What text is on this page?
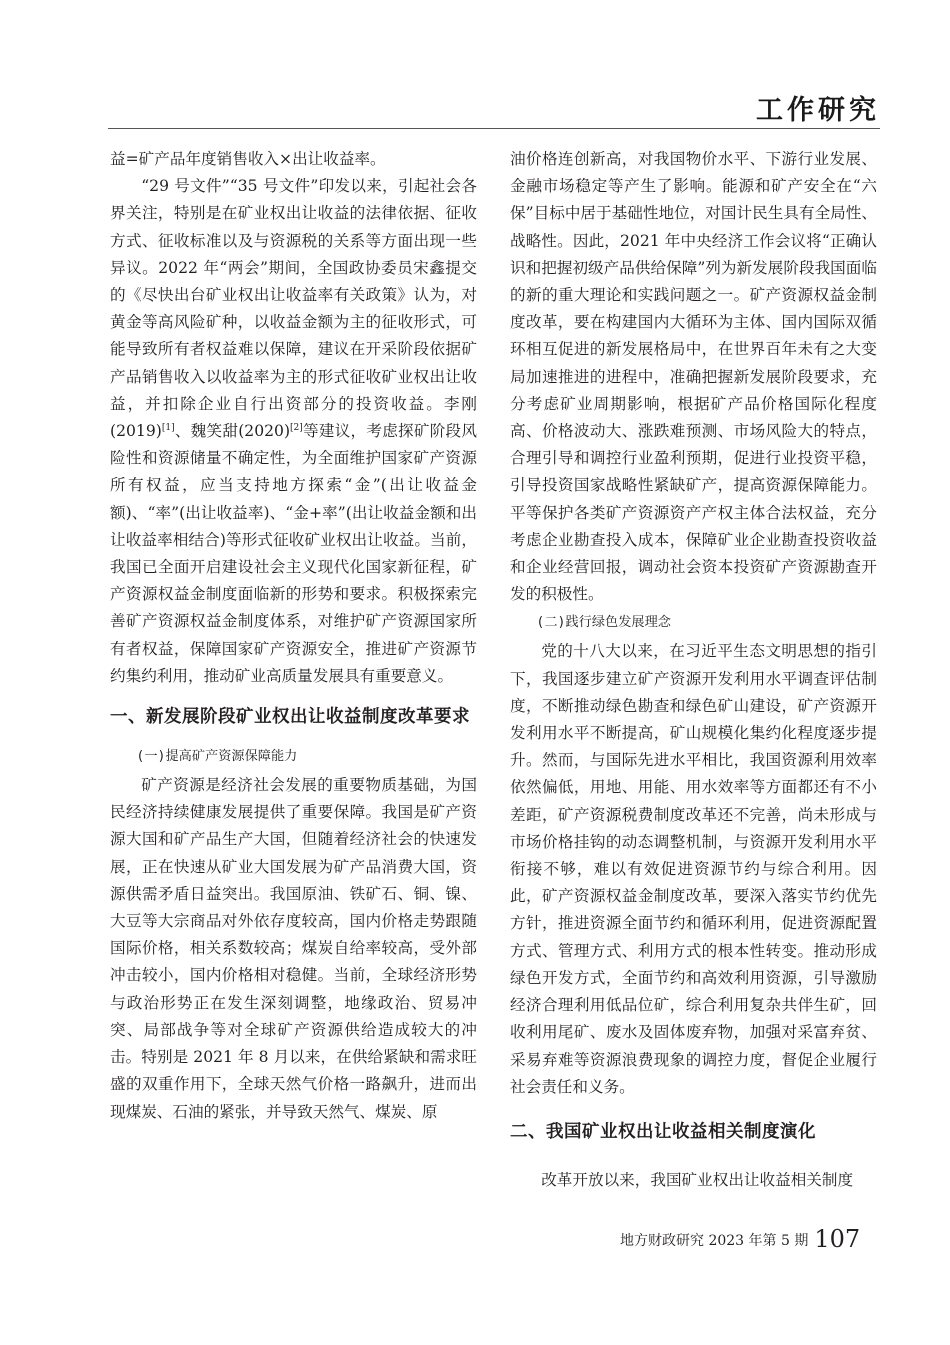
工作研究

益=矿产品年度销售收入×出让收益率。

“29 号文件”“35 号文件”印发以来，引起社会各界关注，特别是在矿业权出让收益的法律依据、征收方式、征收标准以及与资源税的关系等方面出现一些异议。2022 年“两会”期间，全国政协委员宋鑫提交的《尽快出台矿业权出让收益率有关政策》认为，对黄金等高风险矿种，以收益金额为主的征收形式，可能导致所有者权益难以保障，建议在开采阶段依据矿产品销售收入以收益率为主的形式征收矿业权出让收益，并扣除企业自行出资部分的投资收益。李刚(2019)[1]、魏笑甜(2020)[2]等建议，考虑探矿阶段风险性和资源储量不确定性，为全面维护国家矿产资源所有权益，应当支持地方探索“金”(出让收益金额)、“率”(出让收益率)、“金+率”(出让收益金额和出让收益率相结合)等形式征收矿业权出让收益。当前，我国已全面开启建设社会主义现代化国家新征程，矿产资源权益金制度面临新的形势和要求。积极探索完善矿产资源权益金制度体系，对维护矿产资源国家所有者权益，保障国家矿产资源安全，推进矿产资源节约集约利用，推动矿业高质量发展具有重要意义。

一、新发展阶段矿业权出让收益制度改革要求
(一)提高矿产资源保障能力

矿产资源是经济社会发展的重要物质基础，为国民经济持续健康发展提供了重要保障。我国是矿产资源大国和矿产品生产大国，但随着经济社会的快速发展，正在快速从矿业大国发展为矿产品消费大国，资源供需矛盾日益突出。我国原油、铁矿石、铜、镍、大豆等大宗商品对外依存度较高，国内价格走势跟随国际价格，相关系数较高；煤炭自给率较高，受外部冲击较小，国内价格相对稳健。当前，全球经济形势与政治形势正在发生深刻调整，地缘政治、贸易冲突、局部战争等对全球矿产资源供给造成较大的冲击。特别是 2021 年 8 月以来，在供给紧缺和需求旺盛的双重作用下，全球天然气价格一路飙升，进而出现煤炭、石油的紧张，并导致天然气、煤炭、原

油价格连创新高，对我国物价水平、下游行业发展、金融市场稳定等产生了影响。能源和矿产安全在“六保”目标中居于基础性地位，对国计民生具有全局性、战略性。因此，2021 年中央经济工作会议将“正确认识和把握初级产品供给保障”列为新发展阶段我国面临的新的重大理论和实践问题之一。矿产资源权益金制度改革，要在构建国内大循环为主体、国内国际双循环相互促进的新发展格局中，在世界百年未有之大变局加速推进的进程中，准确把握新发展阶段要求，充分考虑矿业周期影响，根据矿产品价格国际化程度高、价格波动大、涨跌难预测、市场风险大的特点，合理引导和调控行业盈利预期，促进行业投资平稳，引导投资国家战略性紧缺矿产，提高资源保障能力。平等保护各类矿产资源资产产权主体合法权益，充分考虑企业勘查投入成本，保障矿业企业勘查投资收益和企业经营回报，调动社会资本投资矿产资源勘查开发的积极性。

(二)践行绿色发展理念

党的十八大以来，在习近平生态文明思想的指引下，我国逐步建立矿产资源开发利用水平调查评估制度，不断推动绿色勘查和绿色矿山建设，矿产资源开发利用水平不断提高，矿山规模化集约化程度逐步提升。然而，与国际先进水平相比，我国资源利用效率依然偏低，用地、用能、用水效率等方面都还有不小差距，矿产资源税费制度改革还不完善，尚未形成与市场价格挂钩的动态调整机制，与资源开发利用水平衔接不够，难以有效促进资源节约与综合利用。因此，矿产资源权益金制度改革，要深入落实节约优先方针，推进资源全面节约和循环利用，促进资源配置方式、管理方式、利用方式的根本性转变。推动形成绿色开发方式，全面节约和高效利用资源，引导激励经济合理利用低品位矿，综合利用复杂共伴生矿，回收利用尾矿、废水及固体废弃物，加强对采富弃贫、采易弃难等资源浪费现象的调控力度，督促企业履行社会责任和义务。

二、我国矿业权出让收益相关制度演化

改革开放以来，我国矿业权出让收益相关制度

地方财政研究 2023 年第 5 期 107
